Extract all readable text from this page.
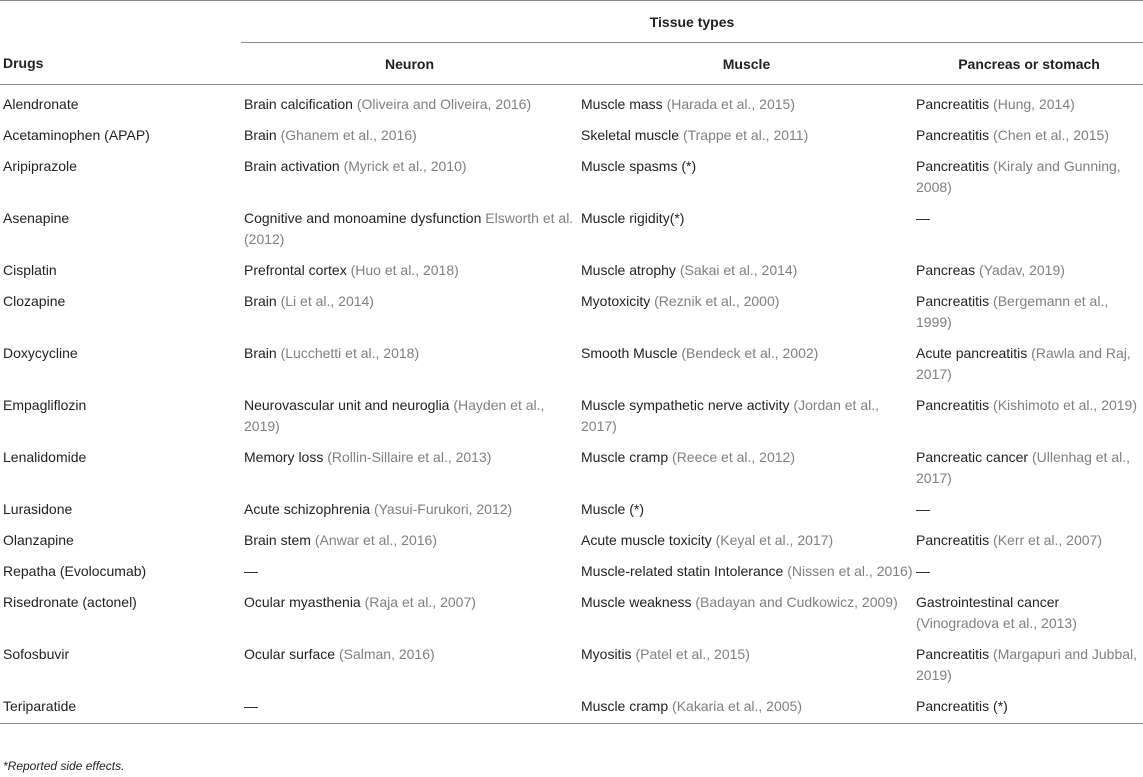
	Tissue types		
Drugs	Neuron	Muscle	Pancreas or stomach
Alendronate	Brain calcification (Oliveira and Oliveira, 2016)	Muscle mass (Harada et al., 2015)	Pancreatitis (Hung, 2014)
Acetaminophen (APAP)	Brain (Ghanem et al., 2016)	Skeletal muscle (Trappe et al., 2011)	Pancreatitis (Chen et al., 2015)
Aripiprazole	Brain activation (Myrick et al., 2010)	Muscle spasms (*)	Pancreatitis (Kiraly and Gunning, 2008)
Asenapine	Cognitive and monoamine dysfunction Elsworth et al. (2012)	Muscle rigidity(*)	—
Cisplatin	Prefrontal cortex (Huo et al., 2018)	Muscle atrophy (Sakai et al., 2014)	Pancreas (Yadav, 2019)
Clozapine	Brain (Li et al., 2014)	Myotoxicity (Reznik et al., 2000)	Pancreatitis (Bergemann et al., 1999)
Doxycycline	Brain (Lucchetti et al., 2018)	Smooth Muscle (Bendeck et al., 2002)	Acute pancreatitis (Rawla and Raj, 2017)
Empagliflozin	Neurovascular unit and neuroglia (Hayden et al., 2019)	Muscle sympathetic nerve activity (Jordan et al., 2017)	Pancreatitis (Kishimoto et al., 2019)
Lenalidomide	Memory loss (Rollin-Sillaire et al., 2013)	Muscle cramp (Reece et al., 2012)	Pancreatic cancer (Ullenhag et al., 2017)
Lurasidone	Acute schizophrenia (Yasui-Furukori, 2012)	Muscle (*)	—
Olanzapine	Brain stem (Anwar et al., 2016)	Acute muscle toxicity (Keyal et al., 2017)	Pancreatitis (Kerr et al., 2007)
Repatha (Evolocumab)	—	Muscle-related statin Intolerance (Nissen et al., 2016)	—
Risedronate (actonel)	Ocular myasthenia (Raja et al., 2007)	Muscle weakness (Badayan and Cudkowicz, 2009)	Gastrointestinal cancer (Vinogradova et al., 2013)
Sofosbuvir	Ocular surface (Salman, 2016)	Myositis (Patel et al., 2015)	Pancreatitis (Margapuri and Jubbal, 2019)
Teriparatide	—	Muscle cramp (Kakaria et al., 2005)	Pancreatitis (*)
*Reported side effects.
